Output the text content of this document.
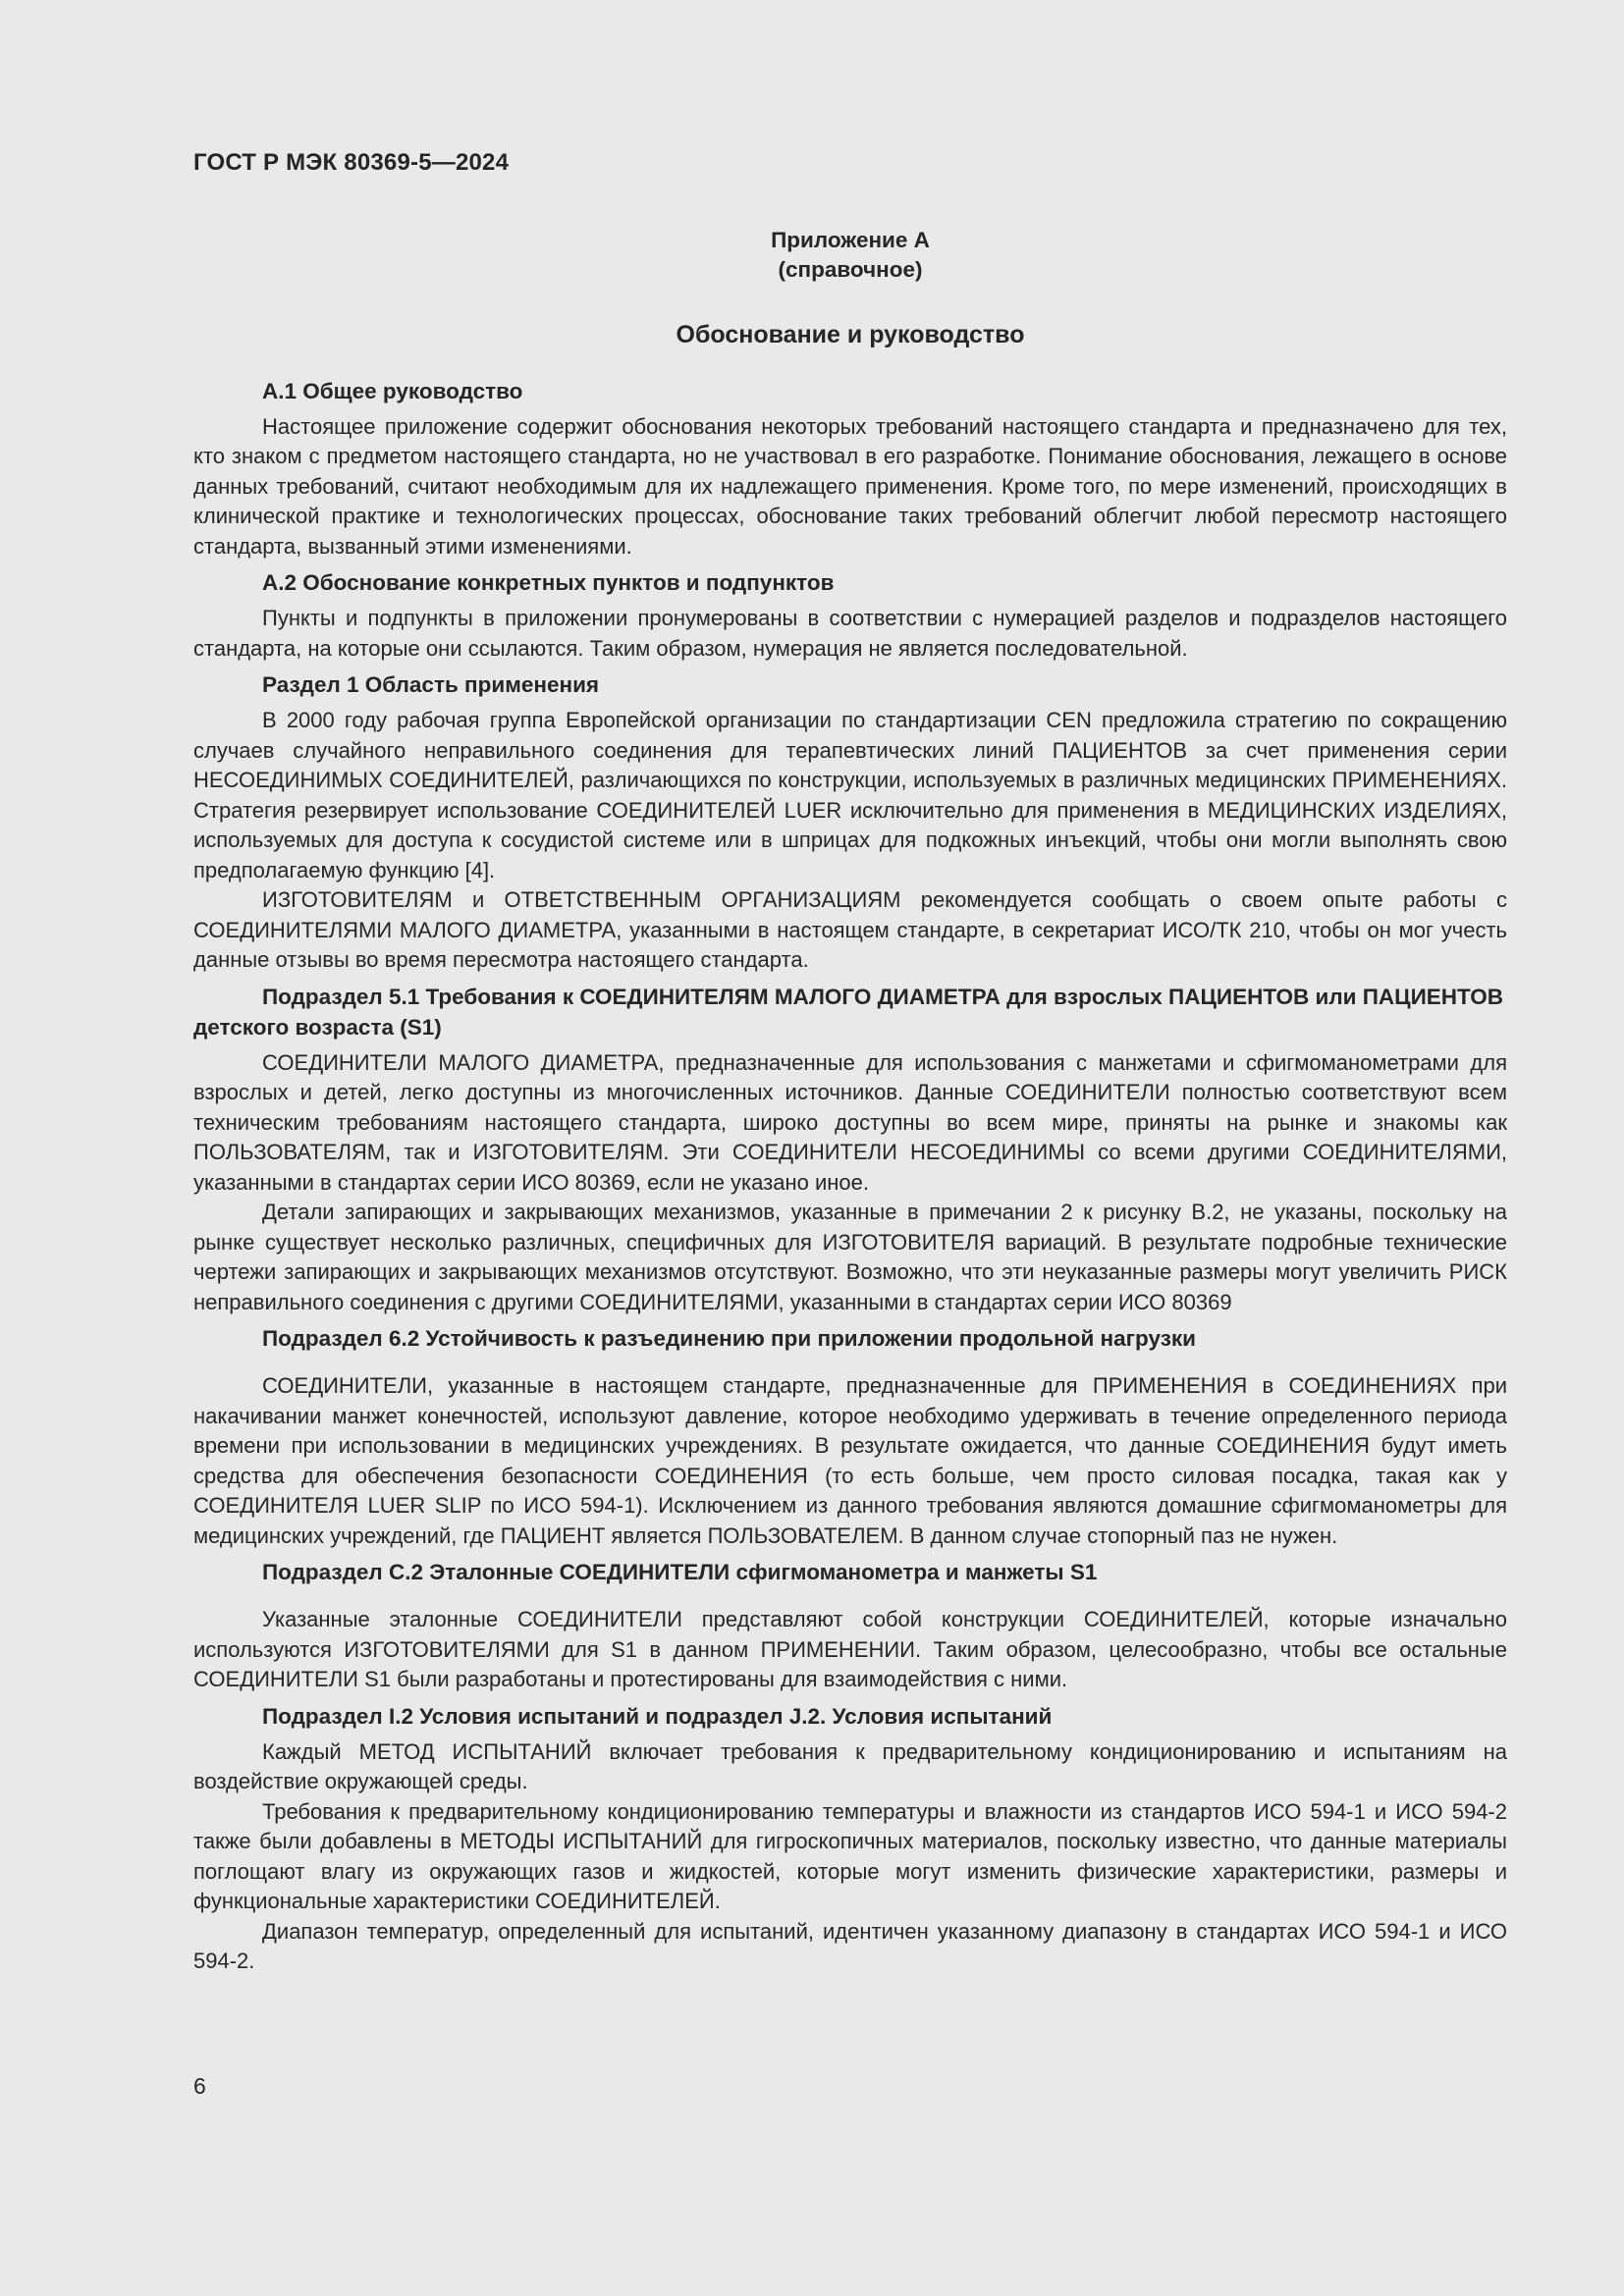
ГОСТ Р МЭК 80369-5—2024
Приложение А
(справочное)
Обоснование и руководство
А.1 Общее руководство

Настоящее приложение содержит обоснования некоторых требований настоящего стандарта и предназначено для тех, кто знаком с предметом настоящего стандарта, но не участвовал в его разработке. Понимание обоснования, лежащего в основе данных требований, считают необходимым для их надлежащего применения. Кроме того, по мере изменений, происходящих в клинической практике и технологических процессах, обоснование таких требований облегчит любой пересмотр настоящего стандарта, вызванный этими изменениями.

А.2 Обоснование конкретных пунктов и подпунктов

Пункты и подпункты в приложении пронумерованы в соответствии с нумерацией разделов и подразделов настоящего стандарта, на которые они ссылаются. Таким образом, нумерация не является последовательной.

Раздел 1 Область применения

В 2000 году рабочая группа Европейской организации по стандартизации CEN предложила стратегию по сокращению случаев случайного неправильного соединения для терапевтических линий ПАЦИЕНТОВ за счет применения серии НЕСОЕДИНИМЫХ СОЕДИНИТЕЛЕЙ, различающихся по конструкции, используемых в различных медицинских ПРИМЕНЕНИЯХ. Стратегия резервирует использование СОЕДИНИТЕЛЕЙ LUER исключительно для применения в МЕДИЦИНСКИХ ИЗДЕЛИЯХ, используемых для доступа к сосудистой системе или в шприцах для подкожных инъекций, чтобы они могли выполнять свою предполагаемую функцию [4].

ИЗГОТОВИТЕЛЯМ и ОТВЕТСТВЕННЫМ ОРГАНИЗАЦИЯМ рекомендуется сообщать о своем опыте работы с СОЕДИНИТЕЛЯМИ МАЛОГО ДИАМЕТРА, указанными в настоящем стандарте, в секретариат ИСО/ТК 210, чтобы он мог учесть данные отзывы во время пересмотра настоящего стандарта.

Подраздел 5.1 Требования к СОЕДИНИТЕЛЯМ МАЛОГО ДИАМЕТРА для взрослых ПАЦИЕНТОВ или ПАЦИЕНТОВ детского возраста (S1)

СОЕДИНИТЕЛИ МАЛОГО ДИАМЕТРА, предназначенные для использования с манжетами и сфигмоманометрами для взрослых и детей, легко доступны из многочисленных источников. Данные СОЕДИНИТЕЛИ полностью соответствуют всем техническим требованиям настоящего стандарта, широко доступны во всем мире, приняты на рынке и знакомы как ПОЛЬЗОВАТЕЛЯМ, так и ИЗГОТОВИТЕЛЯМ. Эти СОЕДИНИТЕЛИ НЕСОЕДИНИМЫ со всеми другими СОЕДИНИТЕЛЯМИ, указанными в стандартах серии ИСО 80369, если не указано иное.

Детали запирающих и закрывающих механизмов, указанные в примечании 2 к рисунку В.2, не указаны, поскольку на рынке существует несколько различных, специфичных для ИЗГОТОВИТЕЛЯ вариаций. В результате подробные технические чертежи запирающих и закрывающих механизмов отсутствуют. Возможно, что эти неуказанные размеры могут увеличить РИСК неправильного соединения с другими СОЕДИНИТЕЛЯМИ, указанными в стандартах серии ИСО 80369

Подраздел 6.2 Устойчивость к разъединению при приложении продольной нагрузки

СОЕДИНИТЕЛИ, указанные в настоящем стандарте, предназначенные для ПРИМЕНЕНИЯ в СОЕДИНЕНИЯХ при накачивании манжет конечностей, используют давление, которое необходимо удерживать в течение определенного периода времени при использовании в медицинских учреждениях. В результате ожидается, что данные СОЕДИНЕНИЯ будут иметь средства для обеспечения безопасности СОЕДИНЕНИЯ (то есть больше, чем просто силовая посадка, такая как у СОЕДИНИТЕЛЯ LUER SLIP по ИСО 594-1). Исключением из данного требования являются домашние сфигмоманометры для медицинских учреждений, где ПАЦИЕНТ является ПОЛЬЗОВАТЕЛЕМ. В данном случае стопорный паз не нужен.

Подраздел С.2 Эталонные СОЕДИНИТЕЛИ сфигмоманометра и манжеты S1

Указанные эталонные СОЕДИНИТЕЛИ представляют собой конструкции СОЕДИНИТЕЛЕЙ, которые изначально используются ИЗГОТОВИТЕЛЯМИ для S1 в данном ПРИМЕНЕНИИ. Таким образом, целесообразно, чтобы все остальные СОЕДИНИТЕЛИ S1 были разработаны и протестированы для взаимодействия с ними.

Подраздел I.2 Условия испытаний и подраздел J.2. Условия испытаний

Каждый МЕТОД ИСПЫТАНИЙ включает требования к предварительному кондиционированию и испытаниям на воздействие окружающей среды.

Требования к предварительному кондиционированию температуры и влажности из стандартов ИСО 594-1 и ИСО 594-2 также были добавлены в МЕТОДЫ ИСПЫТАНИЙ для гигроскопичных материалов, поскольку известно, что данные материалы поглощают влагу из окружающих газов и жидкостей, которые могут изменить физические характеристики, размеры и функциональные характеристики СОЕДИНИТЕЛЕЙ.

Диапазон температур, определенный для испытаний, идентичен указанному диапазону в стандартах ИСО 594-1 и ИСО 594-2.

6
